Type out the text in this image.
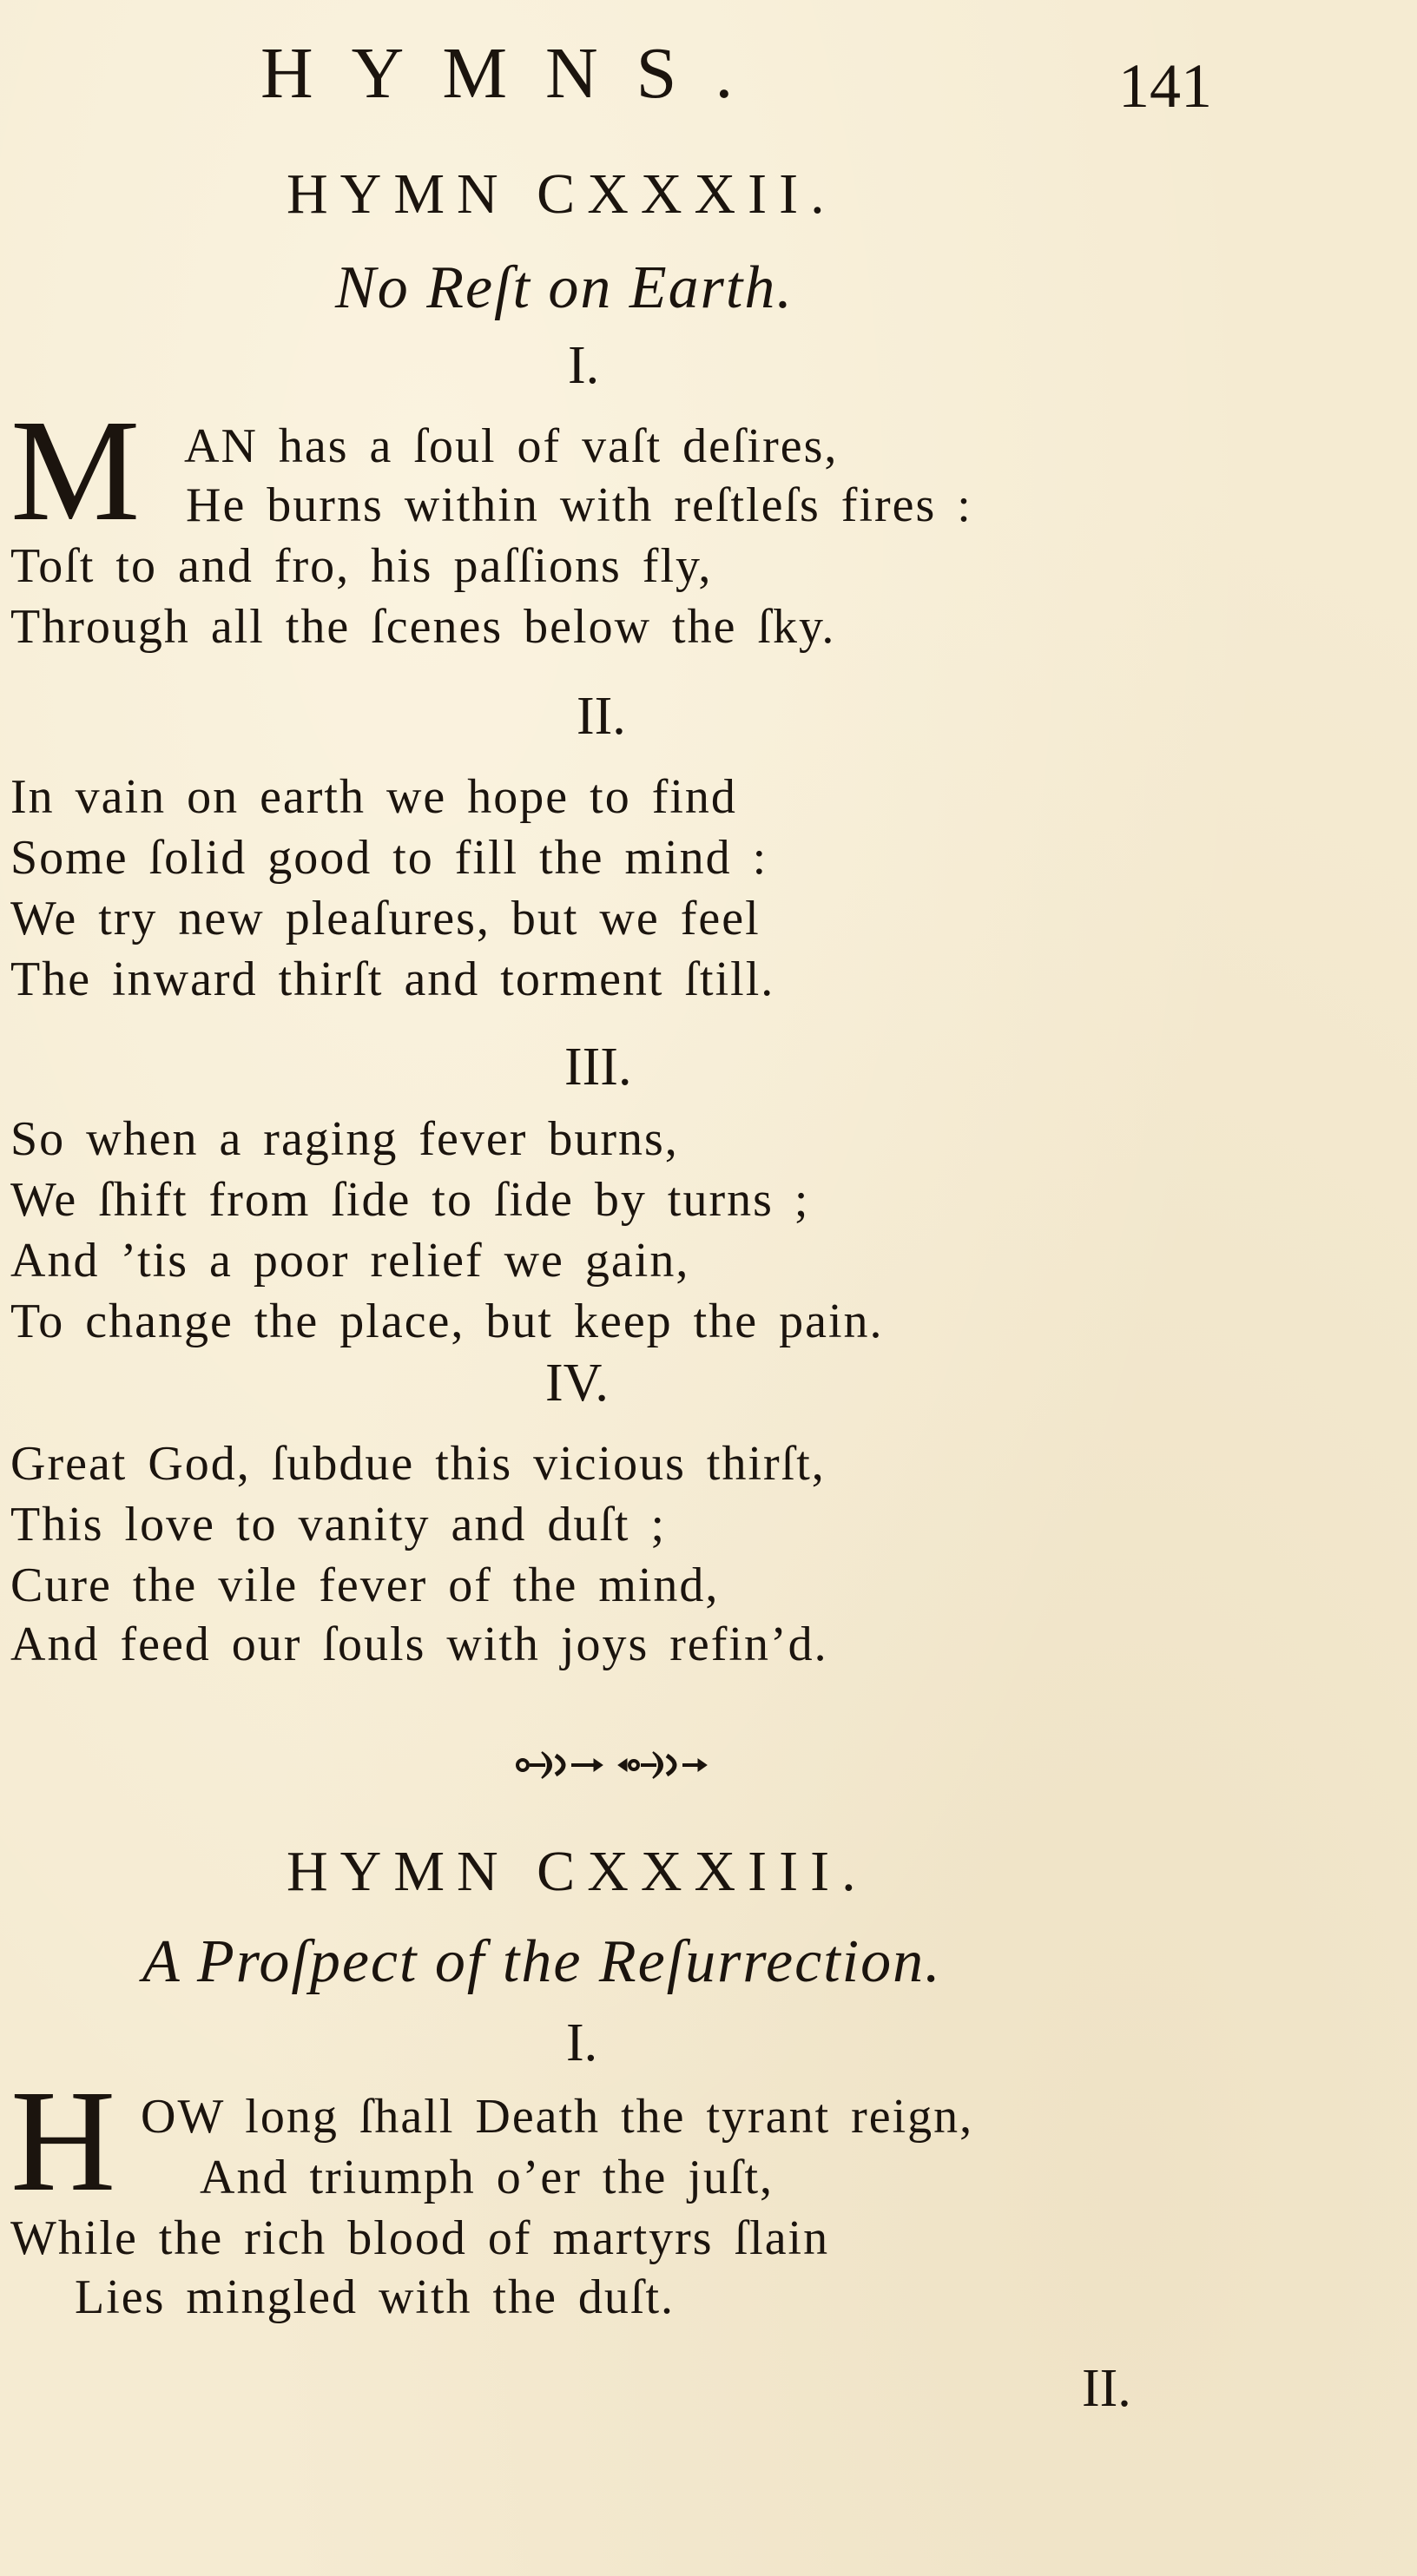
HYMNS.	141
HYMN CXXXII.
No Reſt on Earth.
I.
M AN has a ſoul of vaſt deſires,
He burns within with reſtleſs fires :
Toſt to and fro, his paſſions fly,
Through all the ſcenes below the ſky.
II.
In vain on earth we hope to find
Some ſolid good to fill the mind :
We try new pleaſures, but we feel
The inward thirſt and torment ſtill.
III.
So when a raging fever burns,
We ſhift from ſide to ſide by turns ;
And ’tis a poor relief we gain,
To change the place, but keep the pain.
IV.
Great God, ſubdue this vicious thirſt,
This love to vanity and duſt ;
Cure the vile fever of the mind,
And feed our ſouls with joys refin’d.
HYMN CXXXIII.
A Proſpect of the Reſurrection.
I.
H OW long ſhall Death the tyrant reign,
And triumph o’er the juſt,
While the rich blood of martyrs ſlain
Lies mingled with the duſt.
II.
